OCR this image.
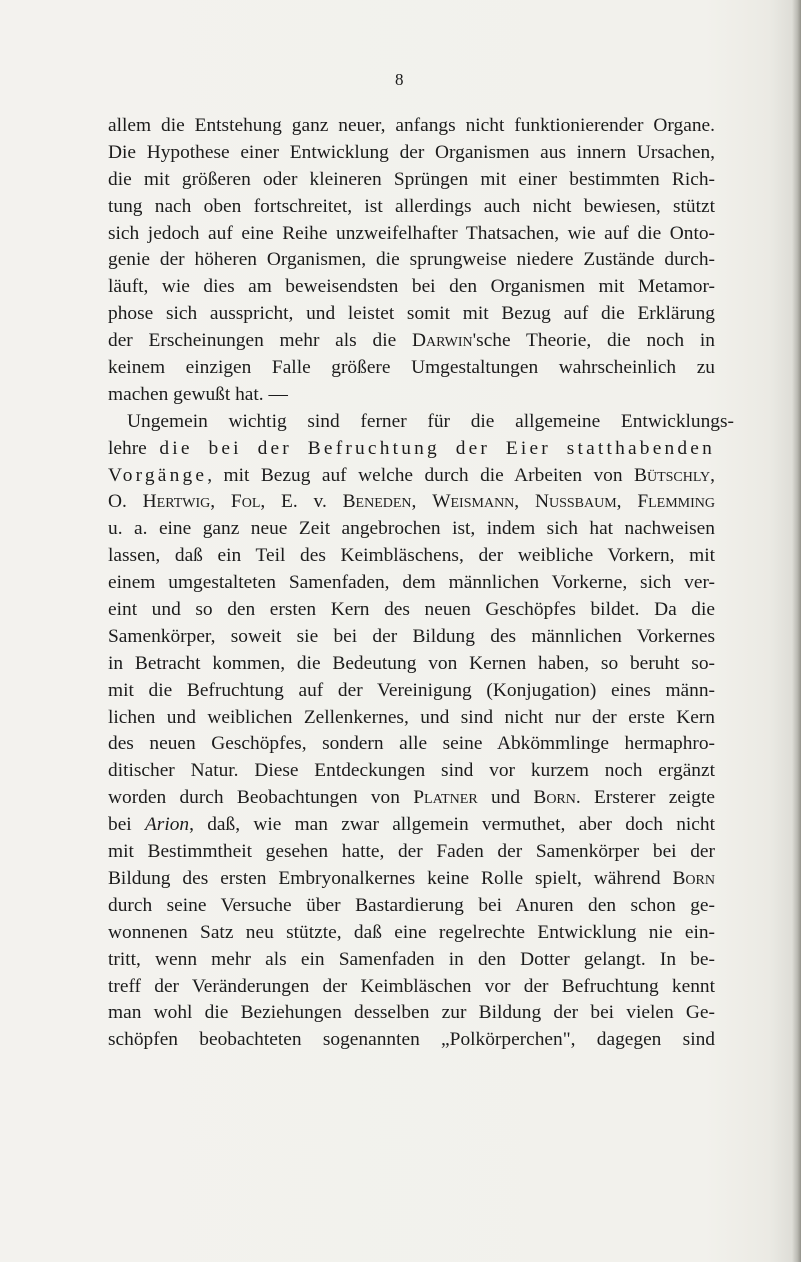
8
allem die Entstehung ganz neuer, anfangs nicht funktionierender Organe.
Die Hypothese einer Entwicklung der Organismen aus innern Ursachen,
die mit größeren oder kleineren Sprüngen mit einer bestimmten Rich-
tung nach oben fortschreitet, ist allerdings auch nicht bewiesen, stützt
sich jedoch auf eine Reihe unzweifelhafter Thatsachen, wie auf die Onto-
genie der höheren Organismen, die sprungweise niedere Zustände durch-
läuft, wie dies am beweisendsten bei den Organismen mit Metamor-
phose sich ausspricht, und leistet somit mit Bezug auf die Erklärung
der Erscheinungen mehr als die Darwin'sche Theorie, die noch in
keinem einzigen Falle größere Umgestaltungen wahrscheinlich zu
machen gewußt hat. —
Ungemein wichtig sind ferner für die allgemeine Entwicklungs-
lehre die bei der Befruchtung der Eier statthabenden
Vorgänge, mit Bezug auf welche durch die Arbeiten von Bütschly,
O. Hertwig, Fol, E. v. Beneden, Weismann, Nussbaum, Flemming
u. a. eine ganz neue Zeit angebrochen ist, indem sich hat nachweisen
lassen, daß ein Teil des Keimbläschens, der weibliche Vorkern, mit
einem umgestalteten Samenfaden, dem männlichen Vorkerne, sich ver-
eint und so den ersten Kern des neuen Geschöpfes bildet. Da die
Samenkörper, soweit sie bei der Bildung des männlichen Vorkernes
in Betracht kommen, die Bedeutung von Kernen haben, so beruht so-
mit die Befruchtung auf der Vereinigung (Konjugation) eines männ-
lichen und weiblichen Zellenkernes, und sind nicht nur der erste Kern
des neuen Geschöpfes, sondern alle seine Abkömmlinge hermaphro-
ditischer Natur. Diese Entdeckungen sind vor kurzem noch ergänzt
worden durch Beobachtungen von Platner und Born. Ersterer zeigte
bei Arion, daß, wie man zwar allgemein vermuthet, aber doch nicht
mit Bestimmtheit gesehen hatte, der Faden der Samenkörper bei der
Bildung des ersten Embryonalkernes keine Rolle spielt, während Born
durch seine Versuche über Bastardierung bei Anuren den schon ge-
wonnenen Satz neu stützte, daß eine regelrechte Entwicklung nie ein-
tritt, wenn mehr als ein Samenfaden in den Dotter gelangt. In be-
treff der Veränderungen der Keimbläschen vor der Befruchtung kennt
man wohl die Beziehungen desselben zur Bildung der bei vielen Ge-
schöpfen beobachteten sogenannten „Polkörperchen", dagegen sind
